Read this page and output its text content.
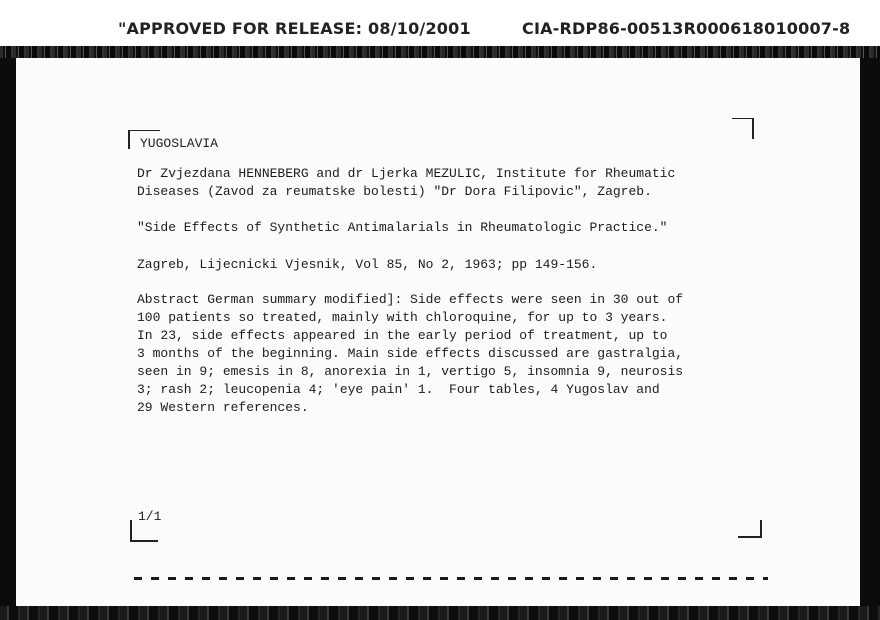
"APPROVED FOR RELEASE: 08/10/2001	CIA-RDP86-00513R000618010007-8

YUGOSLAVIA

Dr Zvjezdana HENNEBERG and dr Ljerka MEZULIC, Institute for Rheumatic

Diseases (Zavod za reumatske bolesti) "Dr Dora Filipovic", Zagreb.

"Side Effects of Synthetic Antimalarials in Rheumatologic Practice."

Zagreb, Lijecnicki Vjesnik, Vol 85, No 2, 1963; pp 149-156.

Abstract German summary modified]: Side effects were seen in 30 out of

100 patients so treated, mainly with chloroquine, for up to 3 years.

In 23, side effects appeared in the early period of treatment, up to

3 months of the beginning. Main side effects discussed are gastralgia,

seen in 9; emesis in 8, anorexia in 1, vertigo 5, insomnia 9, neurosis

3; rash 2; leucopenia 4; 'eye pain' 1.  Four tables, 4 Yugoslav and

29 Western references.

1/1
